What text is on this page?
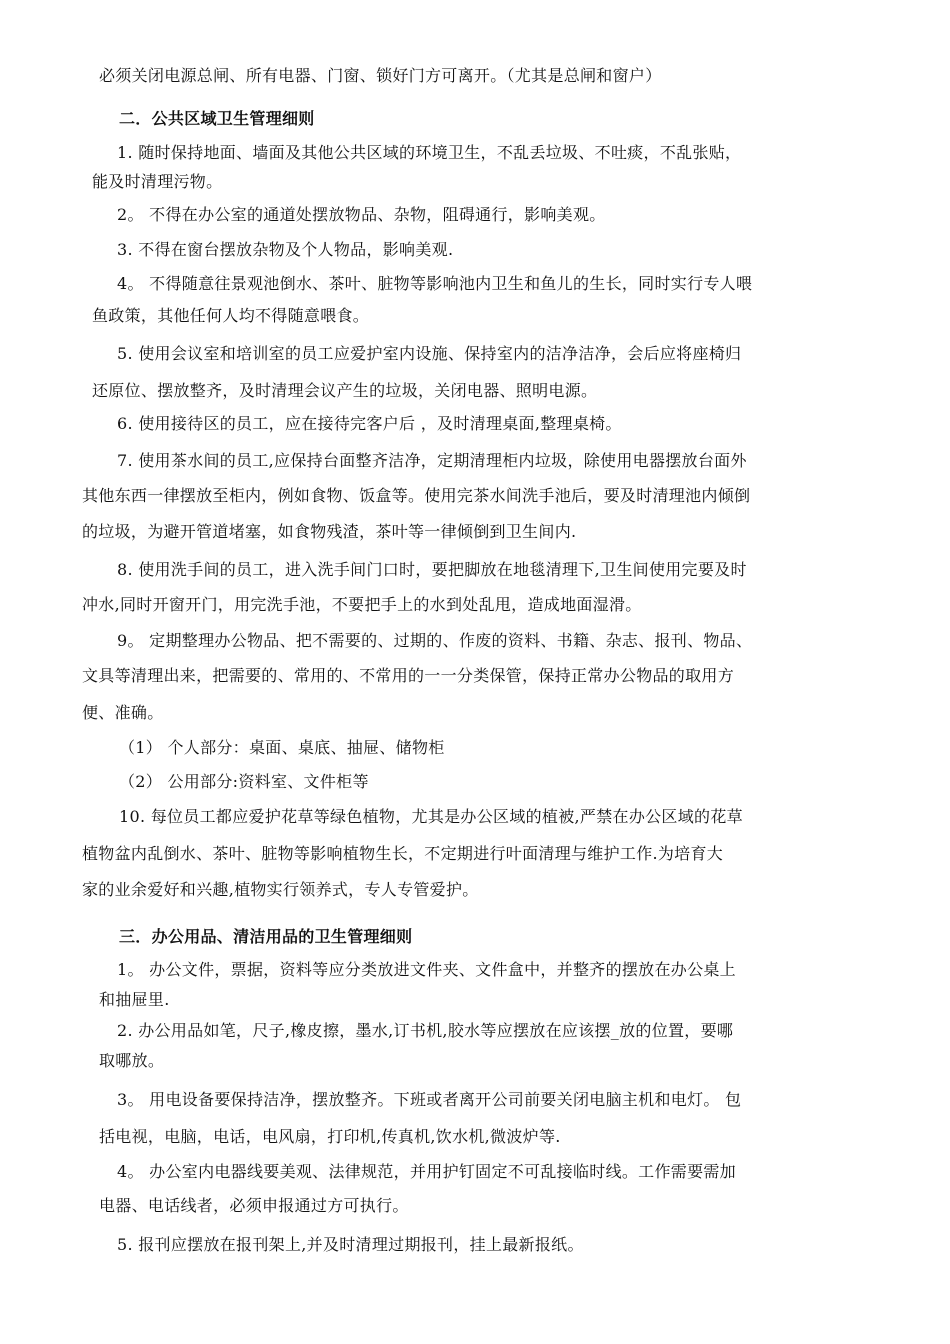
必须关闭电源总闸、所有电器、门窗、锁好门方可离开。（尤其是总闸和窗户）
二．公共区域卫生管理细则
1. 随时保持地面、墙面及其他公共区域的环境卫生，不乱丢垃圾、不吐痰，不乱张贴，
能及时清理污物。
2。 不得在办公室的通道处摆放物品、杂物，阻碍通行，影响美观。
3. 不得在窗台摆放杂物及个人物品，影响美观.
4。 不得随意往景观池倒水、茶叶、脏物等影响池内卫生和鱼儿的生长，同时实行专人喂
鱼政策，其他任何人均不得随意喂食。
5. 使用会议室和培训室的员工应爱护室内设施、保持室内的洁净洁净，会后应将座椅归
还原位、摆放整齐，及时清理会议产生的垃圾，关闭电器、照明电源。
6. 使用接待区的员工，应在接待完客户后 ，及时清理桌面,整理桌椅。
7. 使用茶水间的员工,应保持台面整齐洁净，定期清理柜内垃圾，除使用电器摆放台面外
其他东西一律摆放至柜内，例如食物、饭盒等。使用完茶水间洗手池后，要及时清理池内倾倒
的垃圾，为避开管道堵塞，如食物残渣，茶叶等一律倾倒到卫生间内.
8. 使用洗手间的员工，进入洗手间门口时，要把脚放在地毯清理下,卫生间使用完要及时
冲水,同时开窗开门，用完洗手池，不要把手上的水到处乱甩，造成地面湿滑。
9。 定期整理办公物品、把不需要的、过期的、作废的资料、书籍、杂志、报刊、物品、
文具等清理出来，把需要的、常用的、不常用的一一分类保管，保持正常办公物品的取用方
便、准确。
（1） 个人部分：桌面、桌底、抽屉、储物柜
（2） 公用部分:资料室、文件柜等
10. 每位员工都应爱护花草等绿色植物，尤其是办公区域的植被,严禁在办公区域的花草
植物盆内乱倒水、茶叶、脏物等影响植物生长，不定期进行叶面清理与维护工作.为培育大
家的业余爱好和兴趣,植物实行领养式，专人专管爱护。
三．办公用品、清洁用品的卫生管理细则
1。 办公文件，票据，资料等应分类放进文件夹、文件盒中，并整齐的摆放在办公桌上
和抽屉里.
2. 办公用品如笔，尺子,橡皮擦，墨水,订书机,胶水等应摆放在应该摆_放的位置，要哪
取哪放。
3。 用电设备要保持洁净，摆放整齐。下班或者离开公司前要关闭电脑主机和电灯。 包
括电视，电脑，电话，电风扇，打印机,传真机,饮水机,微波炉等.
4。 办公室内电器线要美观、法律规范，并用护钉固定不可乱接临时线。工作需要需加
电器、电话线者，必须申报通过方可执行。
5. 报刊应摆放在报刊架上,并及时清理过期报刊，挂上最新报纸。
